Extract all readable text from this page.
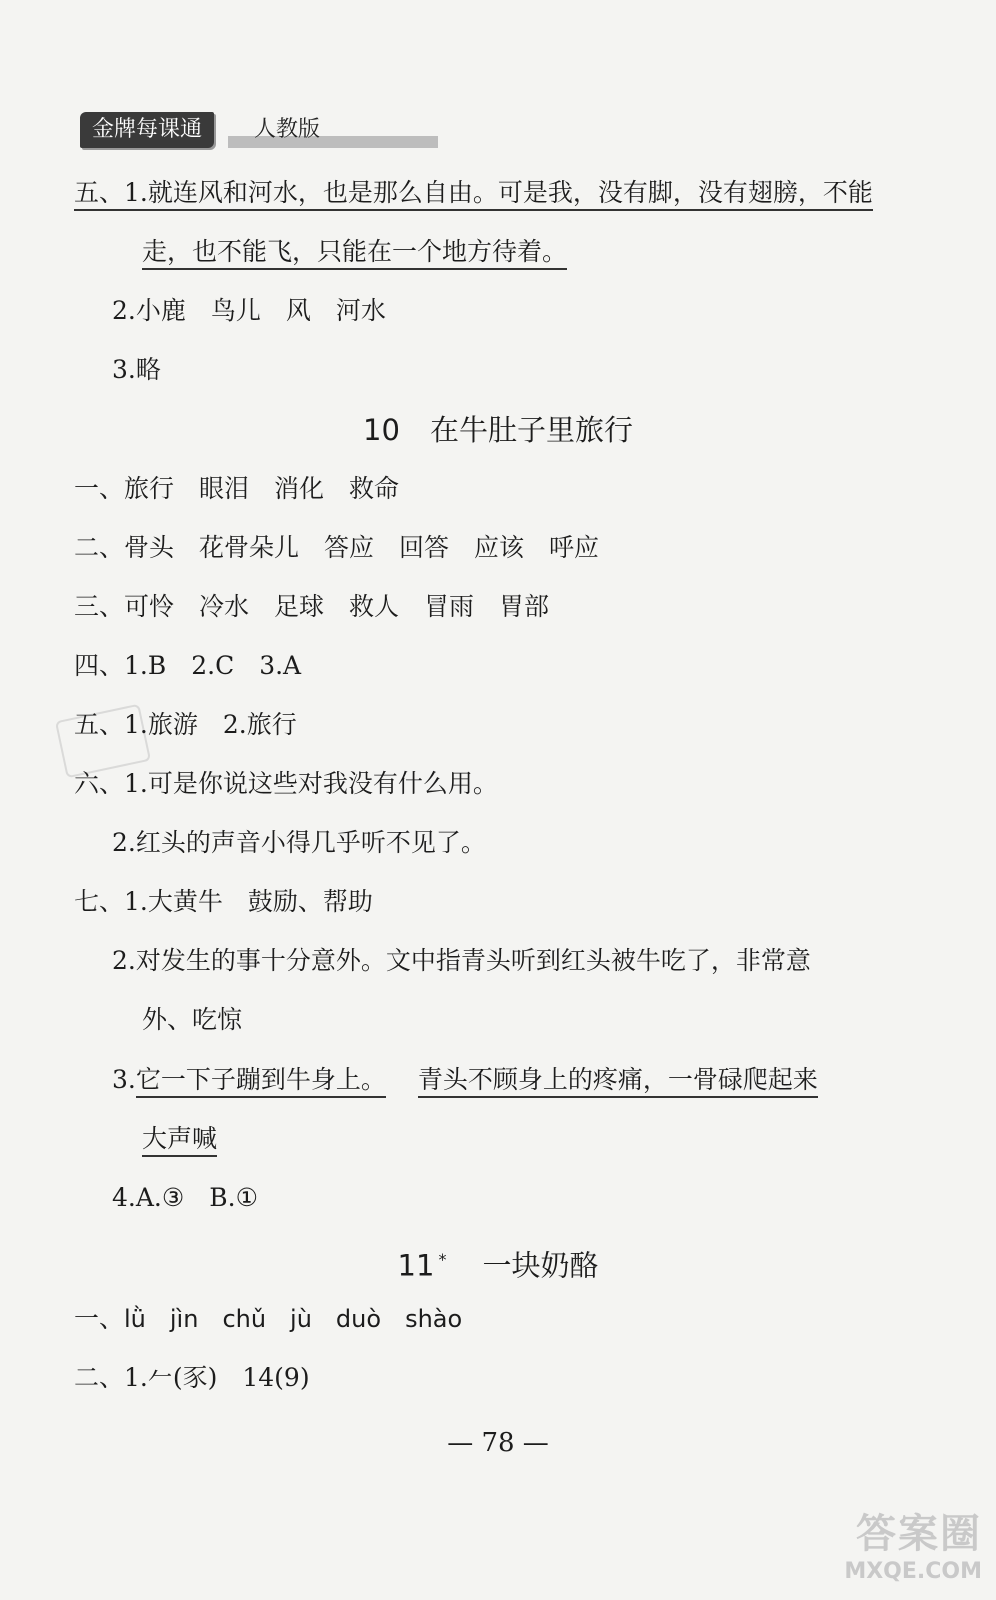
金牌每课通	人教版
五、1.就连风和河水，也是那么自由。可是我，没有脚，没有翅膀，不能
走，也不能飞，只能在一个地方待着。
2.小鹿　鸟儿　风　河水
3.略
10 在牛肚子里旅行
一、旅行　眼泪　消化　救命
二、骨头　花骨朵儿　答应　回答　应该　呼应
三、可怜　冷水　足球　救人　冒雨　胃部
四、1.B　2.C　3.A
五、1.旅游　2.旅行
六、1.可是你说这些对我没有什么用。
2.红头的声音小得几乎听不见了。
七、1.大黄牛　鼓励、帮助
2.对发生的事十分意外。文中指青头听到红头被牛吃了，非常意
外、吃惊
3.它一下子蹦到牛身上。 青头不顾身上的疼痛，一骨碌爬起来
大声喊
4.A.③　B.①
11 * 一块奶酪
一、lǜ　jìn　chǔ　jù　duò　shào
二、1.𠂉(豕)　14(9)
— 78 —
答案圈
MXQE.COM
